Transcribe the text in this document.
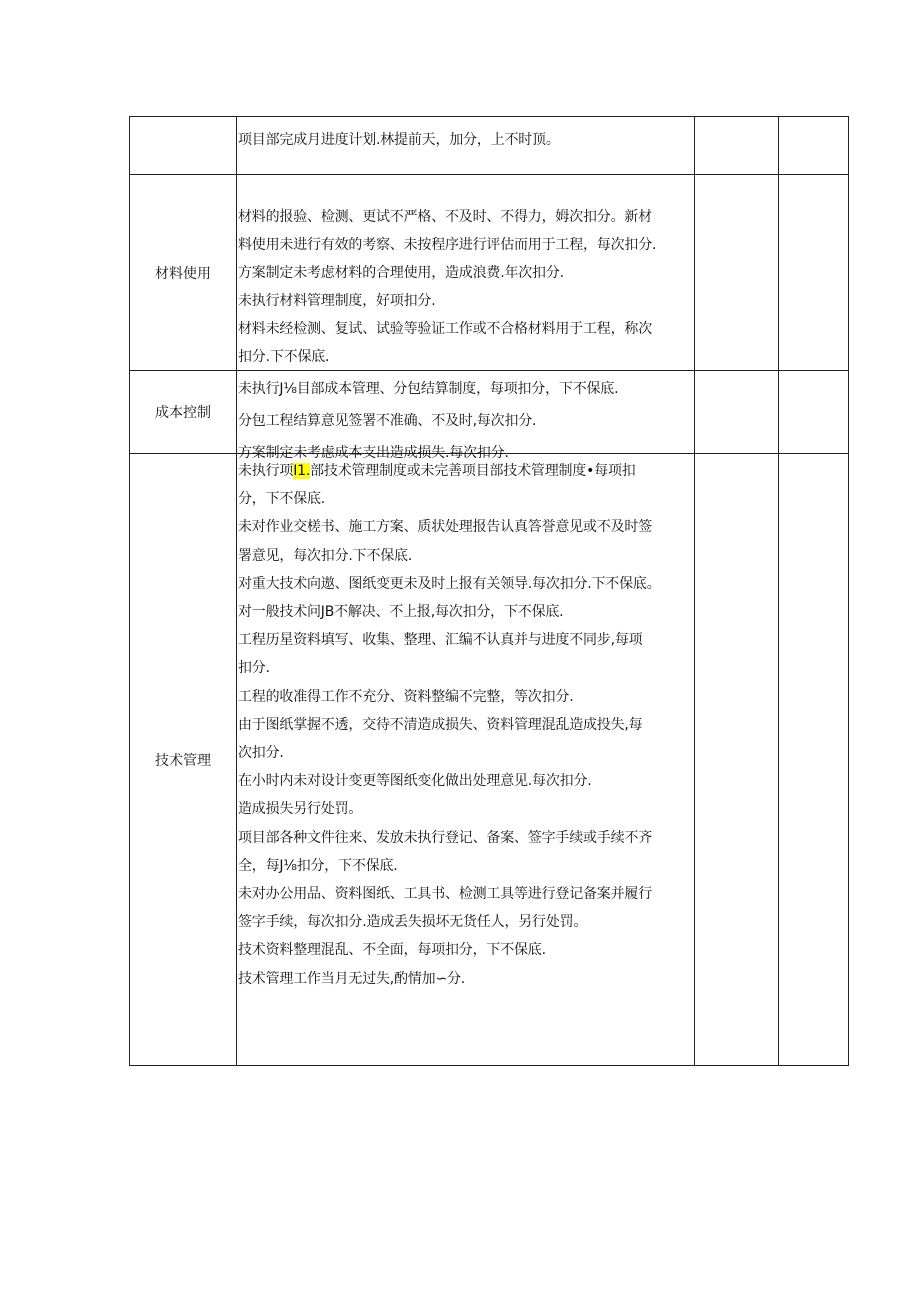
项目部完成月进度计划.林提前天，加分，上不时顶。

材料使用

材料的报验、检测、更试不严格、不及时、不得力，姆次扣分。新材

料使用未进行有效的考察、未按程序进行评估而用于工程，每次扣分.

方案制定未考虑材料的合理使用，造成浪费.年次扣分.

未执行材料管理制度，好项扣分.

材料未经检测、复试、试验等验证工作或不合格材料用于工程，称次

扣分.下不保底.

成本控制

未执行J⅛目部成本管理、分包结算制度，每项扣分，下不保底.

分包工程结算意见签署不准确、不及时,每次扣分.

方案制定未考虑成本支出造成损失.每次扣分.

技术管理

未执行项I1.部技术管理制度或未完善项目部技术管理制度•每项扣

分，下不保底.

未对作业交槎书、施工方案、质状处理报告认真答誉意见或不及时签

署意见，每次扣分.下不保底.

对重大技术向遨、图纸变更未及时上报有关领导.每次扣分.下不保底。

对一般技术问JB不解决、不上报,每次扣分，下不保底.

工程历星资料填写、收集、整理、汇编不认真并与进度不同步,每项

扣分.

工程的收准得工作不充分、资料整编不完整，等次扣分.

由于图纸掌握不透，交待不清造成损失、资料管理混乱造成投失,每

次扣分.

在小时内未对设计变更等图纸变化做出处理意见.每次扣分.

造成损失另行处罚。

项目部各种文件往来、发放未执行登记、备案、签字手续或手续不齐

全，每J⅛扣分，下不保底.

未对办公用品、资料图纸、工具书、检测工具等进行登记备案并履行

签字手续，每次扣分.造成丢失损坏无货任人，另行处罚。

技术资料整理混乱、不全面，每项扣分，下不保底.

技术管理工作当月无过失,酌情加∽分.
